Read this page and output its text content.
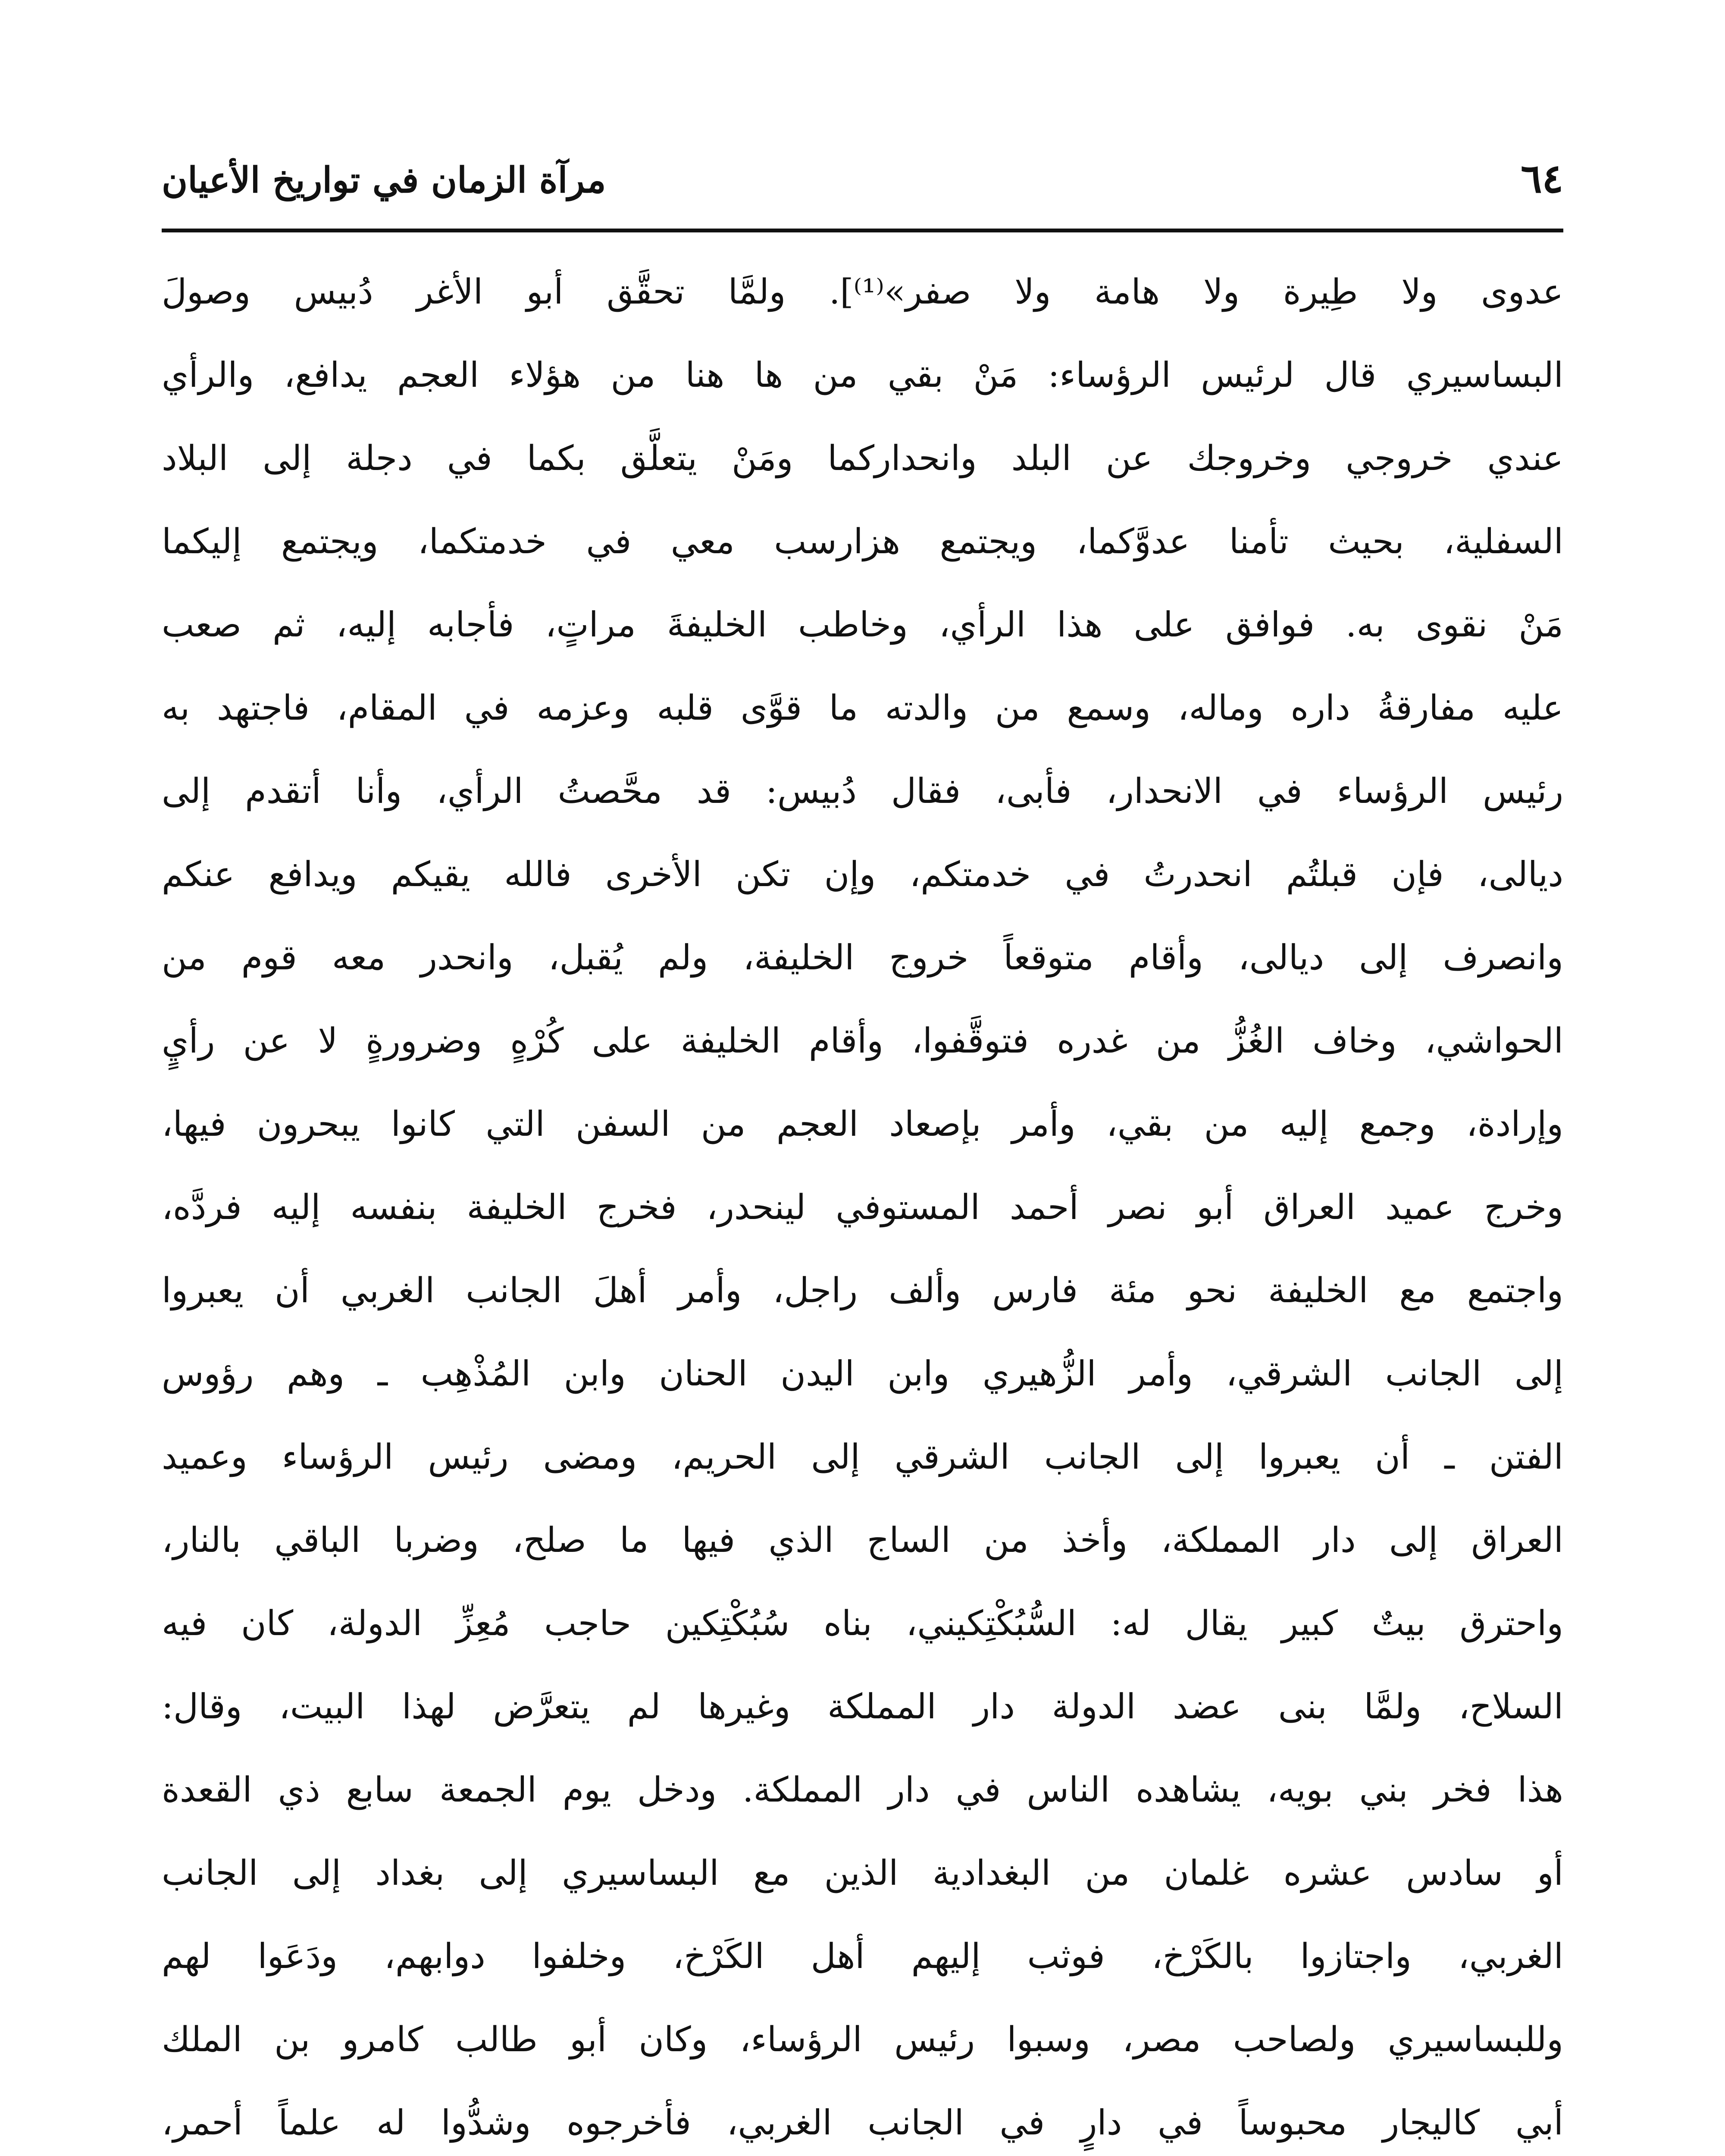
مرآة الزمان في تواريخ الأعيان	٦٤
عدوى ولا طِيرة ولا هامة ولا صفر»⁽¹⁾]. ولمَّا تحقَّق أبو الأغر دُبيس وصولَ
البساسيري قال لرئيس الرؤساء: مَنْ بقي من ها هنا من هؤلاء العجم يدافع، والرأي
عندي خروجي وخروجك عن البلد وانحداركما ومَنْ يتعلَّق بكما في دجلة إلى البلاد
السفلية، بحيث تأمنا عدوَّكما، ويجتمع هزارسب معي في خدمتكما، ويجتمع إليكما
مَنْ نقوى به. فوافق على هذا الرأي، وخاطب الخليفةَ مراتٍ، فأجابه إليه، ثم صعب
عليه مفارقةُ داره وماله، وسمع من والدته ما قوَّى قلبه وعزمه في المقام، فاجتهد به
رئيس الرؤساء في الانحدار، فأبى، فقال دُبيس: قد محَّصتُ الرأي، وأنا أتقدم إلى
ديالى، فإن قبلتُم انحدرتُ في خدمتكم، وإن تكن الأخرى فالله يقيكم ويدافع عنكم
وانصرف إلى ديالى، وأقام متوقعاً خروج الخليفة، ولم يُقبل، وانحدر معه قوم من
الحواشي، وخاف الغُزُّ من غدره فتوقَّفوا، وأقام الخليفة على كُرْهٍ وضرورةٍ لا عن رأيٍ
وإرادة، وجمع إليه من بقي، وأمر بإصعاد العجم من السفن التي كانوا يبحرون فيها،
وخرج عميد العراق أبو نصر أحمد المستوفي لينحدر، فخرج الخليفة بنفسه إليه فردَّه،
واجتمع مع الخليفة نحو مئة فارس وألف راجل، وأمر أهلَ الجانب الغربي أن يعبروا
إلى الجانب الشرقي، وأمر الزُّهيري وابن اليدن الحنان وابن المُذْهِب ـ وهم رؤوس
الفتن ـ أن يعبروا إلى الجانب الشرقي إلى الحريم، ومضى رئيس الرؤساء وعميد
العراق إلى دار المملكة، وأخذ من الساج الذي فيها ما صلح، وضربا الباقي بالنار،
واحترق بيتٌ كبير يقال له: السُّبُكْتِكيني، بناه سُبُكْتِكين حاجب مُعِزِّ الدولة، كان فيه
السلاح، ولمَّا بنى عضد الدولة دار المملكة وغيرها لم يتعرَّض لهذا البيت، وقال:
هذا فخر بني بويه، يشاهده الناس في دار المملكة. ودخل يوم الجمعة سابع ذي القعدة
أو سادس عشره غلمان من البغدادية الذين مع البساسيري إلى بغداد إلى الجانب
الغربي، واجتازوا بالكَرْخ، فوثب إليهم أهل الكَرْخ، وخلفوا دوابهم، ودَعَوا لهم
وللبساسيري ولصاحب مصر، وسبوا رئيس الرؤساء، وكان أبو طالب كامرو بن الملك
أبي كاليجار محبوساً في دارٍ في الجانب الغربي، فأخرجوه وشدُّوا له علماً أحمر،
